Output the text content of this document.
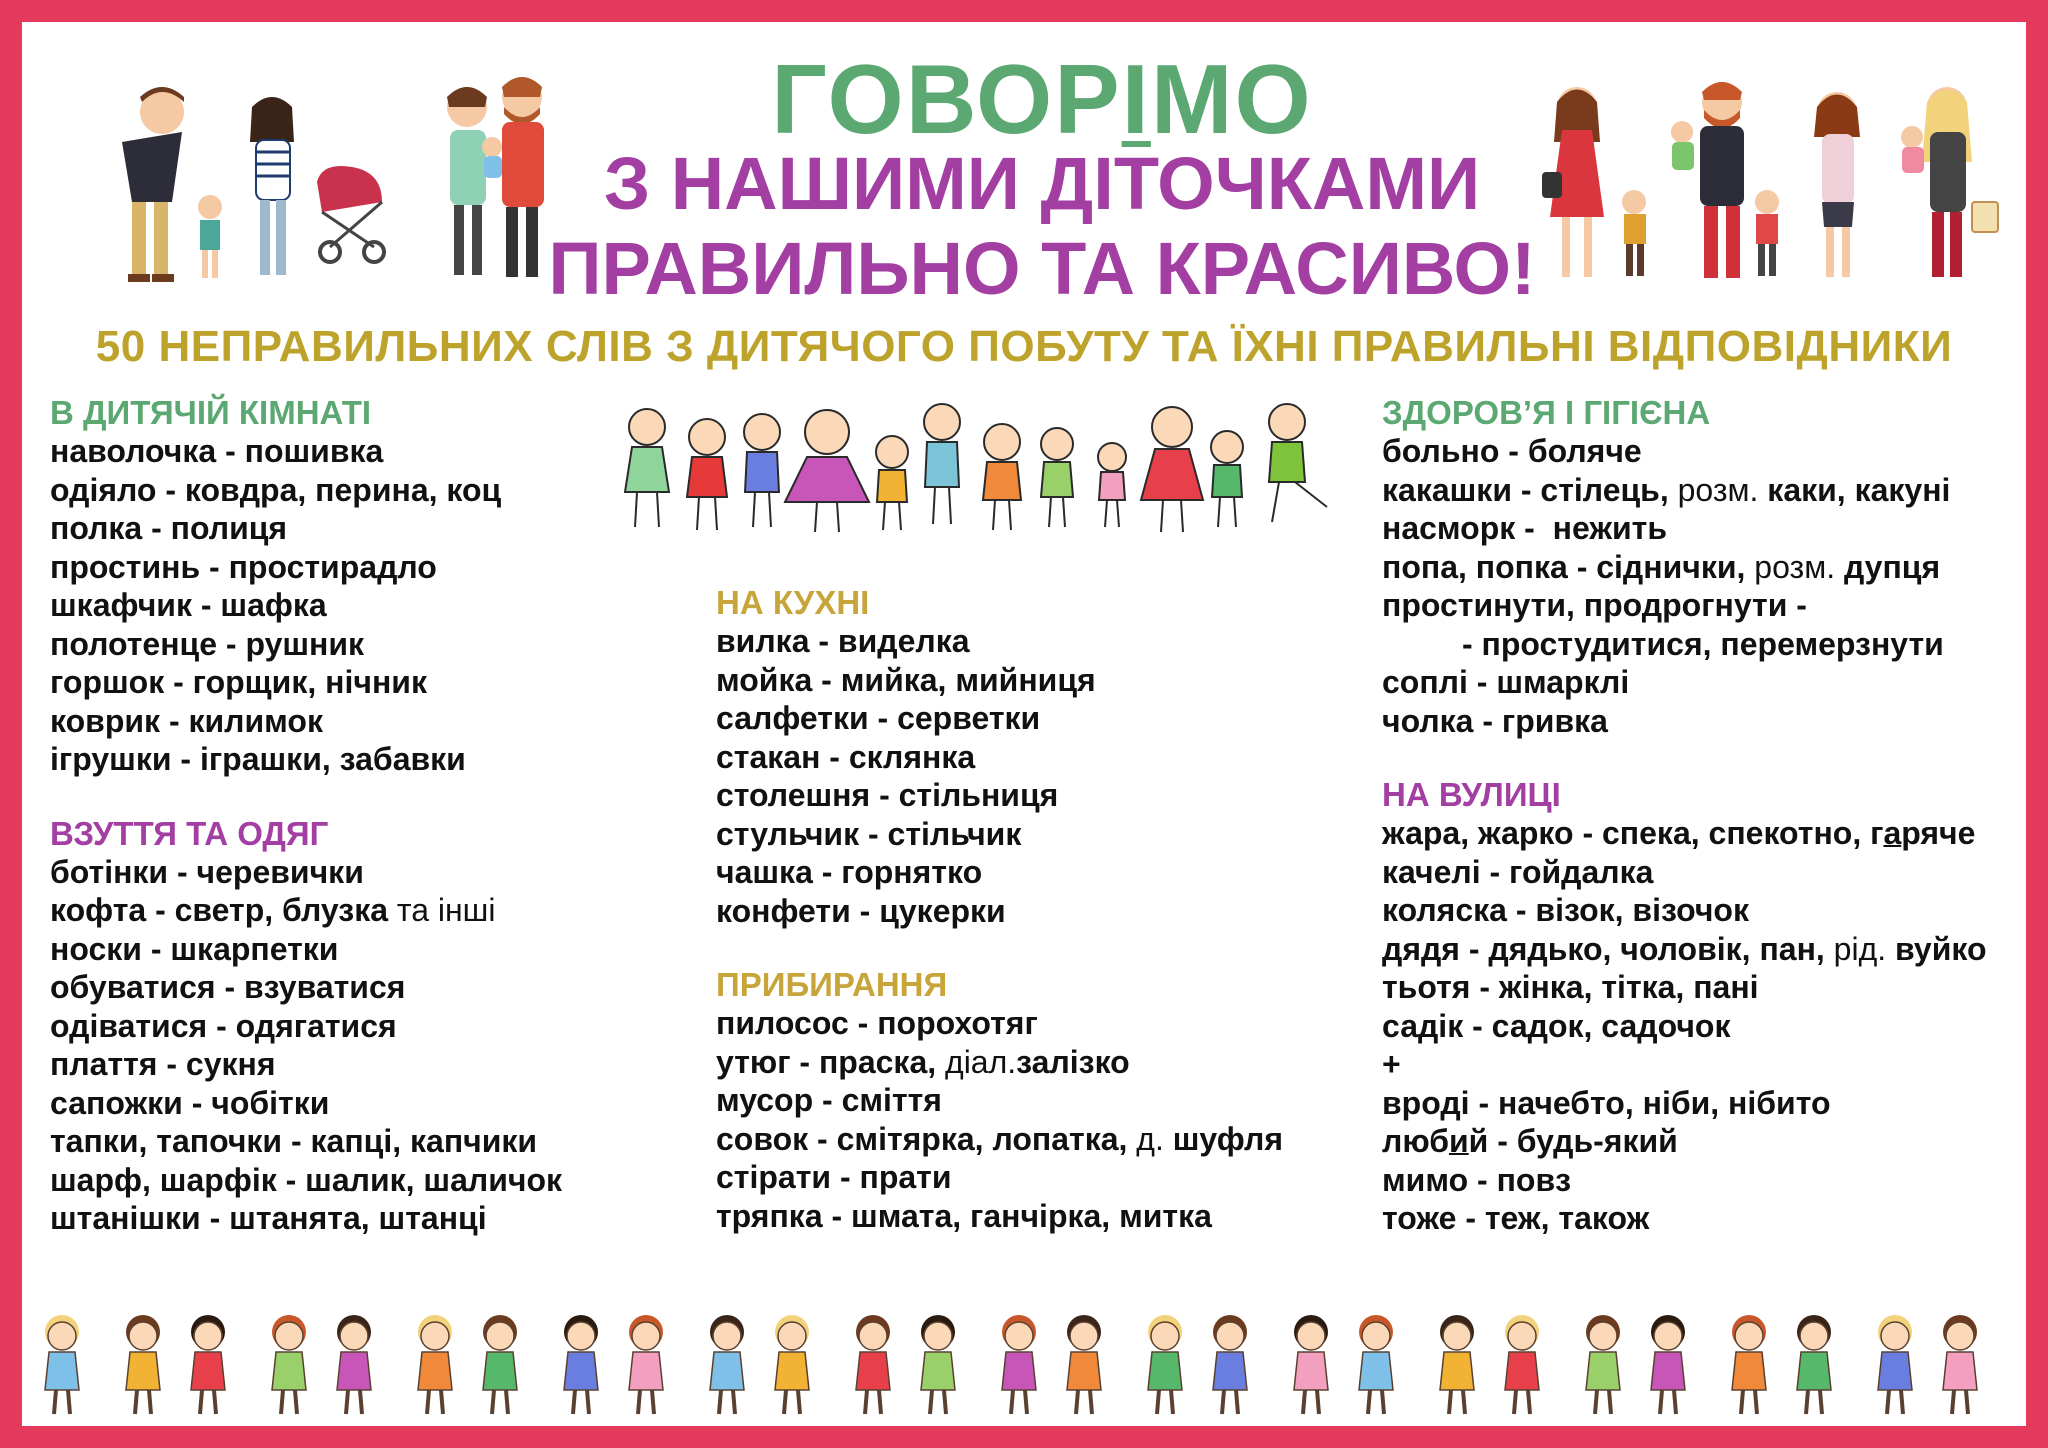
ГОВОРІМО
З НАШИМИ ДІТОЧКАМИ
ПРАВИЛЬНО ТА КРАСИВО!
50 НЕПРАВИЛЬНИХ СЛІВ З ДИТЯЧОГО ПОБУТУ ТА ЇХНІ ПРАВИЛЬНІ ВІДПОВІДНИКИ
В ДИТЯЧІЙ КІМНАТІ
наволочка - пошивка
одіяло - ковдра, перина, коц
полка - полиця
простинь - простирадло
шкафчик - шафка
полотенце - рушник
горшок - горщик, нічник
коврик - килимок
ігрушки - іграшки, забавки
ВЗУТТЯ ТА ОДЯГ
ботінки - черевички
кофта - светр, блузка та інші
носки - шкарпетки
обуватися - взуватися
одіватися - одягатися
плаття - сукня
сапожки - чобітки
тапки, тапочки - капці, капчики
шарф, шарфік - шалик, шаличок
штанішки - штанята, штанці
НА КУХНІ
вилка - виделка
мойка - мийка, мийниця
салфетки - серветки
стакан - склянка
столешня - стільниця
стульчик - стільчик
чашка - горнятко
конфети - цукерки
ПРИБИРАННЯ
пилосос - порохотяг
утюг - праска, діал.залізко
мусор - сміття
совок - смітярка, лопатка, д. шуфля
стірати - прати
тряпка - шмата, ганчірка, митка
ЗДОРОВ’Я І ГІГІЄНА
больно - боляче
какашки - стілець, розм. каки, какуні
насморк -  нежить
попа, попка - сіднички, розм. дупця
простинути, продрогнути -
- простудитися, перемерзнути
соплі - шмарклі
чолка - гривка
НА ВУЛИЦІ
жара, жарко - спека, спекотно, гаряче
качелі - гойдалка
коляска - візок, візочок
дядя - дядько, чоловік, пан, рід. вуйко
тьотя - жінка, тітка, пані
садік - садок, садочок
+
вроді - начебто, ніби, нібито
любий - будь-який
мимо - повз
тоже - теж, також
